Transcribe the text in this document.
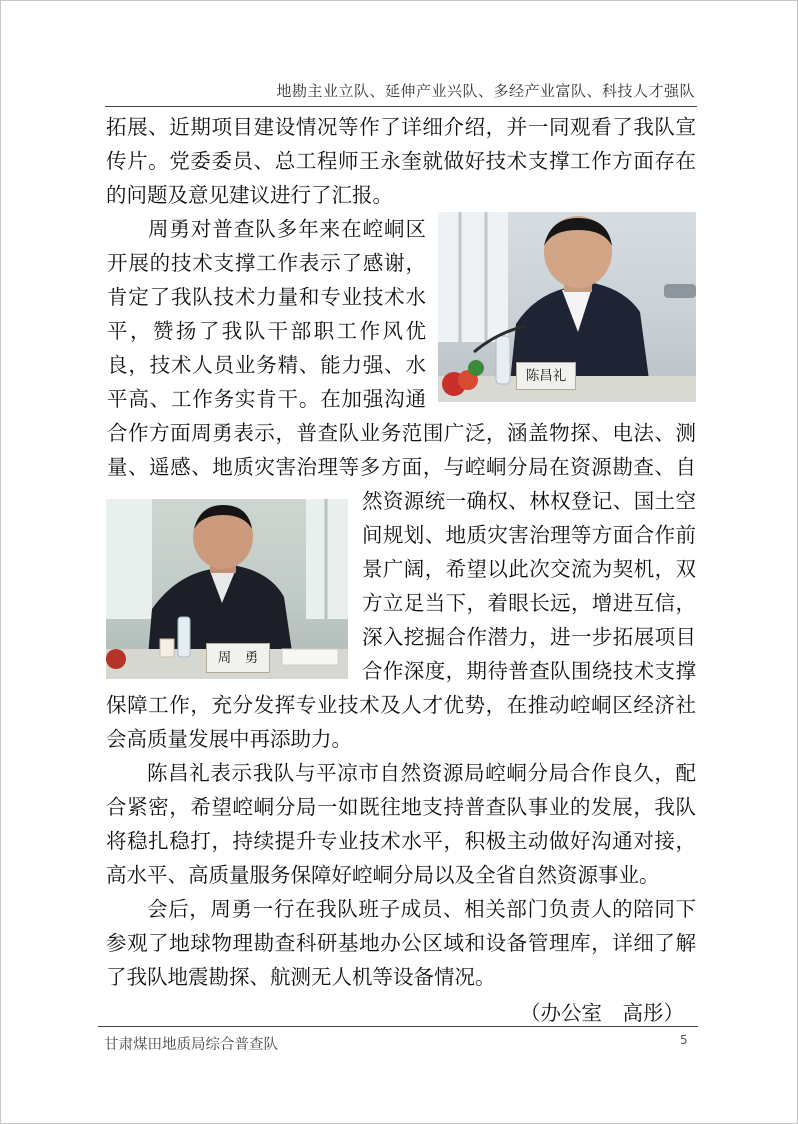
地勘主业立队、延伸产业兴队、多经产业富队、科技人才强队

拓展、近期项目建设情况等作了详细介绍，并一同观看了我队宣传片。党委委员、总工程师王永奎就做好技术支撑工作方面存在的问题及意见建议进行了汇报。

陈昌礼

周勇对普查队多年来在崆峒区开展的技术支撑工作表示了感谢，肯定了我队技术力量和专业技术水平，赞扬了我队干部职工作风优良，技术人员业务精、能力强、水平高、工作务实肯干。在加强沟通合作方面周勇表示，普查队业务范围广泛，涵盖物探、电法、测量、遥感、地质灾害治理等多方面，与崆峒分局在资源勘查、自然资源统一确权、林权登记、国土空间规划、地质灾害治理等方面合作前景广阔，希望以此次交流为契机，双方立足当下，着眼长远，增进互信，深入挖掘合作潜力，进一步拓展项目合作深度，期待普查队围绕技术支撑保障工作，充分发挥专业技术及人才优势，在推动崆峒区经济社会高质量发展中再添助力。

陈昌礼表示我队与平凉市自然资源局崆峒分局合作良久，配合紧密，希望崆峒分局一如既往地支持普查队事业的发展，我队将稳扎稳打，持续提升专业技术水平，积极主动做好沟通对接，高水平、高质量服务保障好崆峒分局以及全省自然资源事业。

会后，周勇一行在我队班子成员、相关部门负责人的陪同下参观了地球物理勘查科研基地办公区域和设备管理库，详细了解了我队地震勘探、航测无人机等设备情况。

（办公室　高彤）

周　勇
甘肃煤田地质局综合普查队	5
